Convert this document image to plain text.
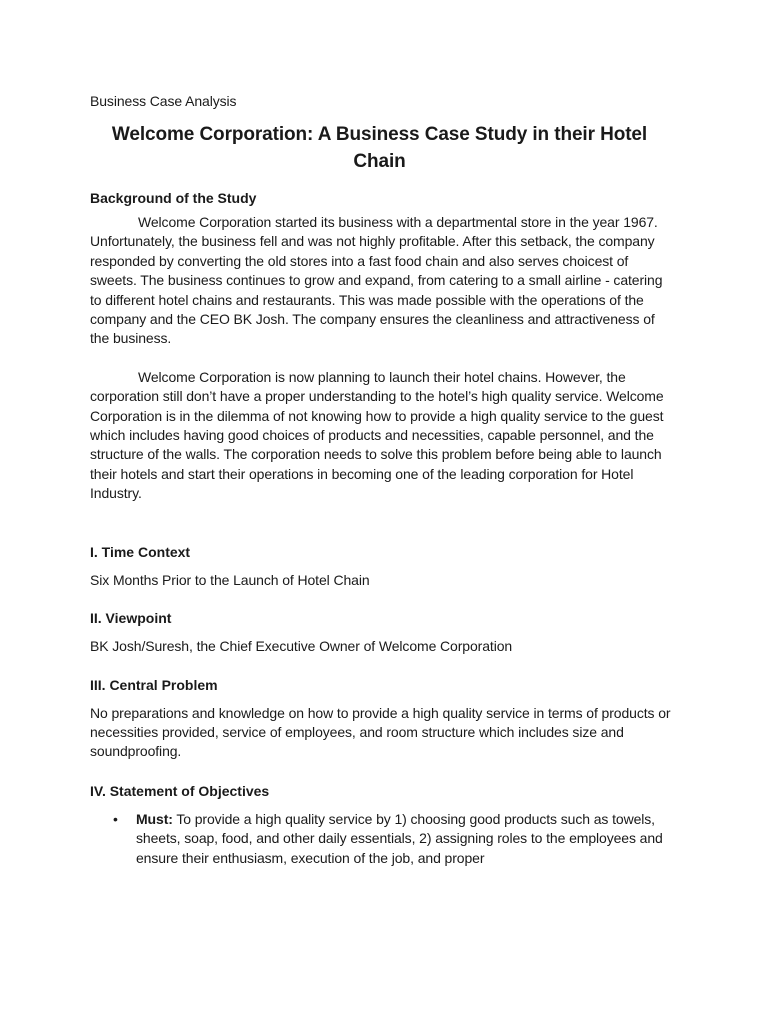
Business Case Analysis

Welcome Corporation: A Business Case Study in their Hotel Chain
Background of the Study

Welcome Corporation started its business with a departmental store in the year 1967. Unfortunately, the business fell and was not highly profitable. After this setback, the company responded by converting the old stores into a fast food chain and also serves choicest of sweets. The business continues to grow and expand, from catering to a small airline - catering to different hotel chains and restaurants. This was made possible with the operations of the company and the CEO BK Josh. The company ensures the cleanliness and attractiveness of the business.

Welcome Corporation is now planning to launch their hotel chains. However, the corporation still don’t have a proper understanding to the hotel’s high quality service. Welcome Corporation is in the dilemma of not knowing how to provide a high quality service to the guest which includes having good choices of products and necessities, capable personnel, and the structure of the walls. The corporation needs to solve this problem before being able to launch their hotels and start their operations in becoming one of the leading corporation for Hotel Industry.

I. Time Context

Six Months Prior to the Launch of Hotel Chain

II. Viewpoint

BK Josh/Suresh, the Chief Executive Owner of Welcome Corporation

III. Central Problem

No preparations and knowledge on how to provide a high quality service in terms of products or necessities provided, service of employees, and room structure which includes size and soundproofing.

IV. Statement of Objectives
• Must: To provide a high quality service by 1) choosing good products such as towels, sheets, soap, food, and other daily essentials, 2) assigning roles to the employees and ensure their enthusiasm, execution of the job, and proper
